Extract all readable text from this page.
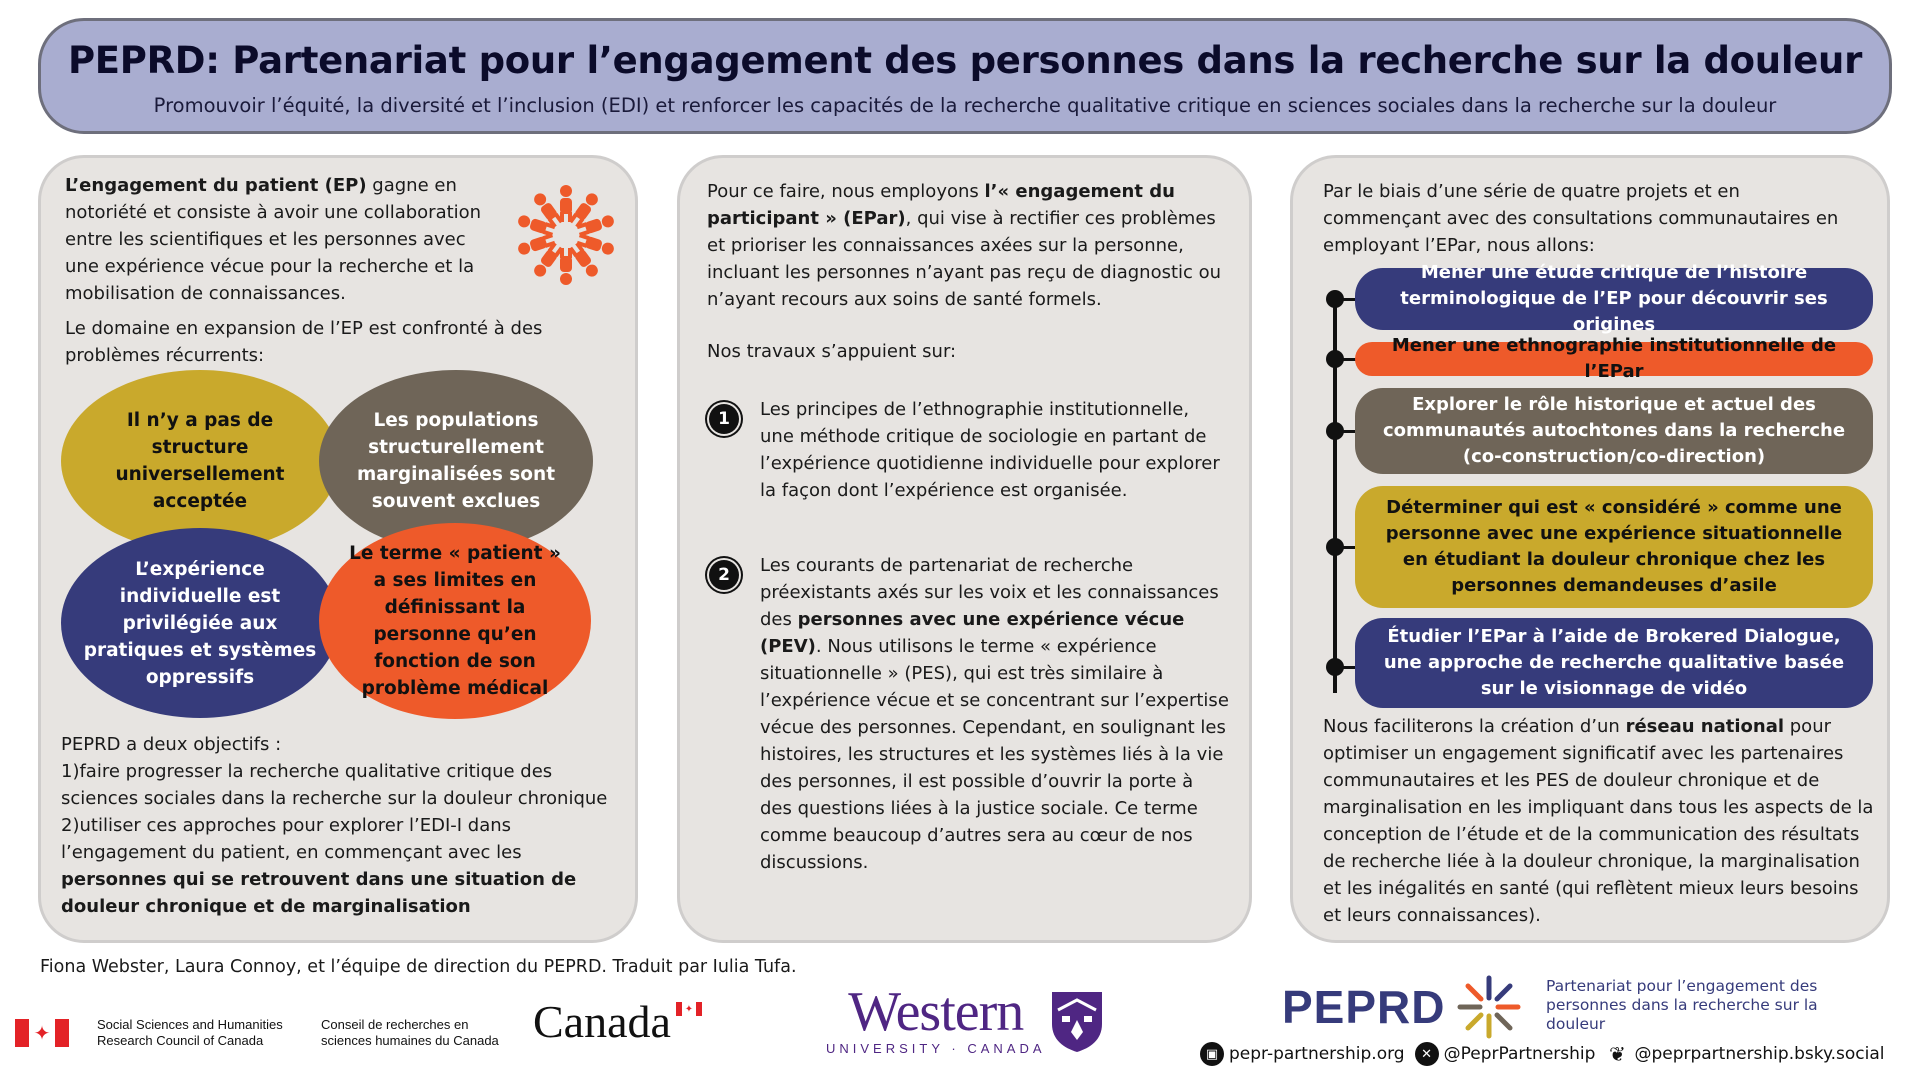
PEPRD: Partenariat pour l’engagement des personnes dans la recherche sur la douleur
Promouvoir l’équité, la diversité et l’inclusion (EDI) et renforcer les capacités de la recherche qualitative critique en sciences sociales dans la recherche sur la douleur

L’engagement du patient (EP) gagne en notoriété et consiste à avoir une collaboration entre les scientifiques et les personnes avec une expérience vécue pour la recherche et la mobilisation de connaissances.

Le domaine en expansion de l’EP est confronté à des problèmes récurrents:

Il n’y a pas de structure universellement acceptée
Les populations structurellement marginalisées sont souvent exclues
L’expérience individuelle est privilégiée aux pratiques et systèmes oppressifs
Le terme « patient » a ses limites en définissant la personne qu’en fonction de son problème médical
PEPRD a deux objectifs :
1)faire progresser la recherche qualitative critique des sciences sociales dans la recherche sur la douleur chronique
2)utiliser ces approches pour explorer l’EDI-I dans l’engagement du patient, en commençant avec les personnes qui se retrouvent dans une situation de douleur chronique et de marginalisation

Pour ce faire, nous employons l’« engagement du participant » (EPar), qui vise à rectifier ces problèmes et prioriser les connaissances axées sur la personne, incluant les personnes n’ayant pas reçu de diagnostic ou n’ayant recours aux soins de santé formels.

Nos travaux s’appuient sur:

1	Les principes de l’ethnographie institutionnelle, une méthode critique de sociologie en partant de l’expérience quotidienne individuelle pour explorer la façon dont l’expérience est organisée.

2	Les courants de partenariat de recherche préexistants axés sur les voix et les connaissances des personnes avec une expérience vécue (PEV). Nous utilisons le terme « expérience situationnelle » (PES), qui est très similaire à l’expérience vécue et se concentrant sur l’expertise vécue des personnes. Cependant, en soulignant les histoires, les structures et les systèmes liés à la vie des personnes, il est possible d’ouvrir la porte à des questions liées à la justice sociale. Ce terme comme beaucoup d’autres sera au cœur de nos discussions.

Par le biais d’une série de quatre projets et en commençant avec des consultations communautaires en employant l’EPar, nous allons:

Mener une étude critique de l’histoire terminologique de l’EP pour découvrir ses origines
Mener une ethnographie institutionnelle de l’EPar
Explorer le rôle historique et actuel des communautés autochtones dans la recherche (co-construction/co-direction)
Déterminer qui est « considéré » comme une personne avec une expérience situationnelle en étudiant la douleur chronique chez les personnes demandeuses d’asile
Étudier l’EPar à l’aide de Brokered Dialogue, une approche de recherche qualitative basée sur le visionnage de vidéo

Nous faciliterons la création d’un réseau national pour optimiser un engagement significatif avec les partenaires communautaires et les PES de douleur chronique et de marginalisation en les impliquant dans tous les aspects de la conception de l’étude et de la communication des résultats de recherche liée à la douleur chronique, la marginalisation et les inégalités en santé (qui reflètent mieux leurs besoins et leurs connaissances).

Fiona Webster, Laura Connoy, et l’équipe de direction du PEPRD. Traduit par Iulia Tufa.
✦	Social Sciences and Humanities Research Council of Canada
Conseil de recherches en sciences humaines du Canada Canada ✦	Western
UNIVERSITY · CANADA
PEPRD	Partenariat pour l’engagement des personnes dans la recherche sur la douleur
▣ pepr-partnership.org	✕ @PeprPartnership ❦ @peprpartnership.bsky.social
